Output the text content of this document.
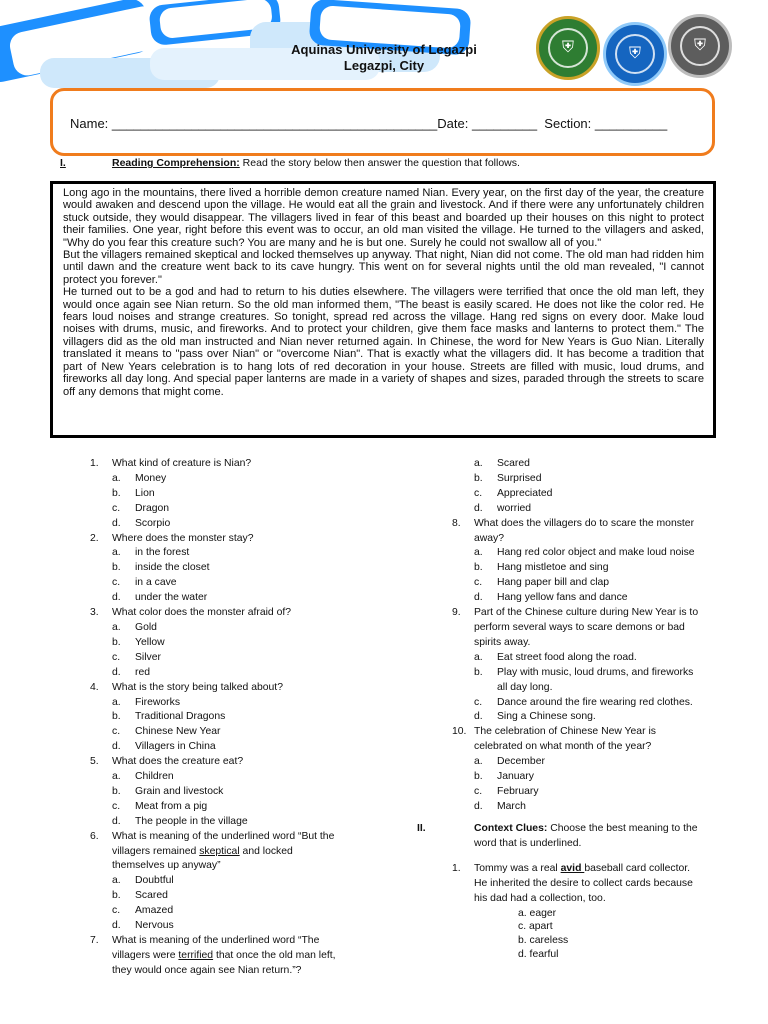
Aquinas University of Legazpi
Legazpi, City
⛨	⛨	⛨
Name: _____________________________________________Date: _________ Section: __________
I.	Reading Comprehension: Read the story below then answer the question that follows.

Long ago in the mountains, there lived a horrible demon creature named Nian. Every year, on the first day of the year, the creature would awaken and descend upon the village. He would eat all the grain and livestock. And if there were any unfortunately children stuck outside, they would disappear. The villagers lived in fear of this beast and boarded up their houses on this night to protect their families. One year, right before this event was to occur, an old man visited the village. He turned to the villagers and asked, "Why do you fear this creature such? You are many and he is but one. Surely he could not swallow all of you."

But the villagers remained skeptical and locked themselves up anyway. That night, Nian did not come. The old man had ridden him until dawn and the creature went back to its cave hungry. This went on for several nights until the old man revealed, "I cannot protect you forever."

He turned out to be a god and had to return to his duties elsewhere. The villagers were terrified that once the old man left, they would once again see Nian return. So the old man informed them, "The beast is easily scared. He does not like the color red. He fears loud noises and strange creatures. So tonight, spread red across the village. Hang red signs on every door. Make loud noises with drums, music, and fireworks. And to protect your children, give them face masks and lanterns to protect them." The villagers did as the old man instructed and Nian never returned again. In Chinese, the word for New Years is Guo Nian. Literally translated it means to "pass over Nian" or "overcome Nian". That is exactly what the villagers did. It has become a tradition that part of New Years celebration is to hang lots of red decoration in your house. Streets are filled with music, loud drums, and fireworks all day long. And special paper lanterns are made in a variety of shapes and sizes, paraded through the streets to scare off any demons that might come.

1. What kind of creature is Nian?
a. Money
b. Lion
c. Dragon
d. Scorpio
2. Where does the monster stay?
a. in the forest
b. inside the closet
c. in a cave
d. under the water
3. What color does the monster afraid of?
a. Gold
b. Yellow
c. Silver
d. red
4. What is the story being talked about?
a. Fireworks
b. Traditional Dragons
c. Chinese New Year
d. Villagers in China
5. What does the creature eat?
a. Children
b. Grain and livestock
c. Meat from a pig
d. The people in the village
6. What is meaning of the underlined word “But the
villagers remained skeptical and locked
themselves up anyway”
a. Doubtful
b. Scared
c. Amazed
d. Nervous
7. What is meaning of the underlined word “The
villagers were terrified that once the old man left,
they would once again see Nian return.”?
a. Scared
b. Surprised
c. Appreciated
d. worried
8. What does the villagers do to scare the monster
away?
a. Hang red color object and make loud noise
b. Hang mistletoe and sing
c. Hang paper bill and clap
d. Hang yellow fans and dance
9. Part of the Chinese culture during New Year is to
perform several ways to scare demons or bad
spirits away.
a. Eat street food along the road.
b. Play with music, loud drums, and fireworks
all day long.
c. Dance around the fire wearing red clothes.
d. Sing a Chinese song.
10. The celebration of Chinese New Year is
celebrated on what month of the year?
a. December
b. January
c. February
d. March
II.	Context Clues: Choose the best meaning to the
word that is underlined.
1. Tommy was a real avid baseball card collector.
He inherited the desire to collect cards because
his dad had a collection, too.
a. eager
c. apart
b. careless
d. fearful
